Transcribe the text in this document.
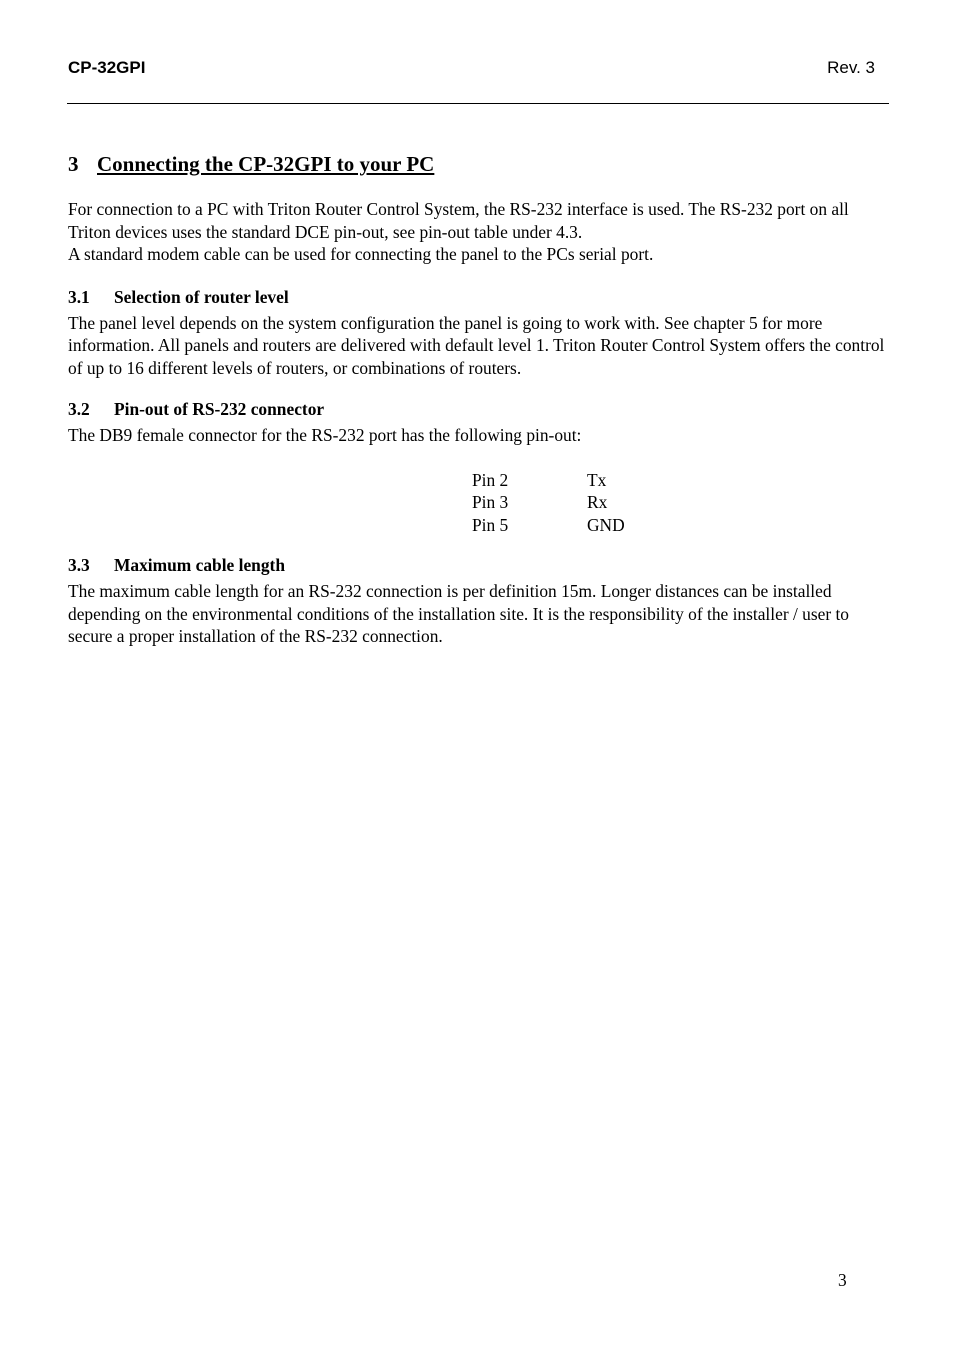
CP-32GPI	Rev. 3
3 Connecting the CP-32GPI to your PC

For connection to a PC with Triton Router Control System, the RS-232 interface is used. The RS-232 port on all Triton devices uses the standard DCE pin-out, see pin-out table under 4.3.
A standard modem cable can be used for connecting the panel to the PCs serial port.

3.1 Selection of router level

The panel level depends on the system configuration the panel is going to work with. See chapter 5 for more information. All panels and routers are delivered with default level 1. Triton Router Control System offers the control of up to 16 different levels of routers, or combinations of routers.

3.2 Pin-out of RS-232 connector

The DB9 female connector for the RS-232 port has the following pin-out:

Pin 2	Tx
Pin 3	Rx
Pin 5	GND
3.3 Maximum cable length

The maximum cable length for an RS-232 connection is per definition 15m. Longer distances can be installed depending on the environmental conditions of the installation site. It is the responsibility of the installer / user to secure a proper installation of the RS-232 connection.

3
